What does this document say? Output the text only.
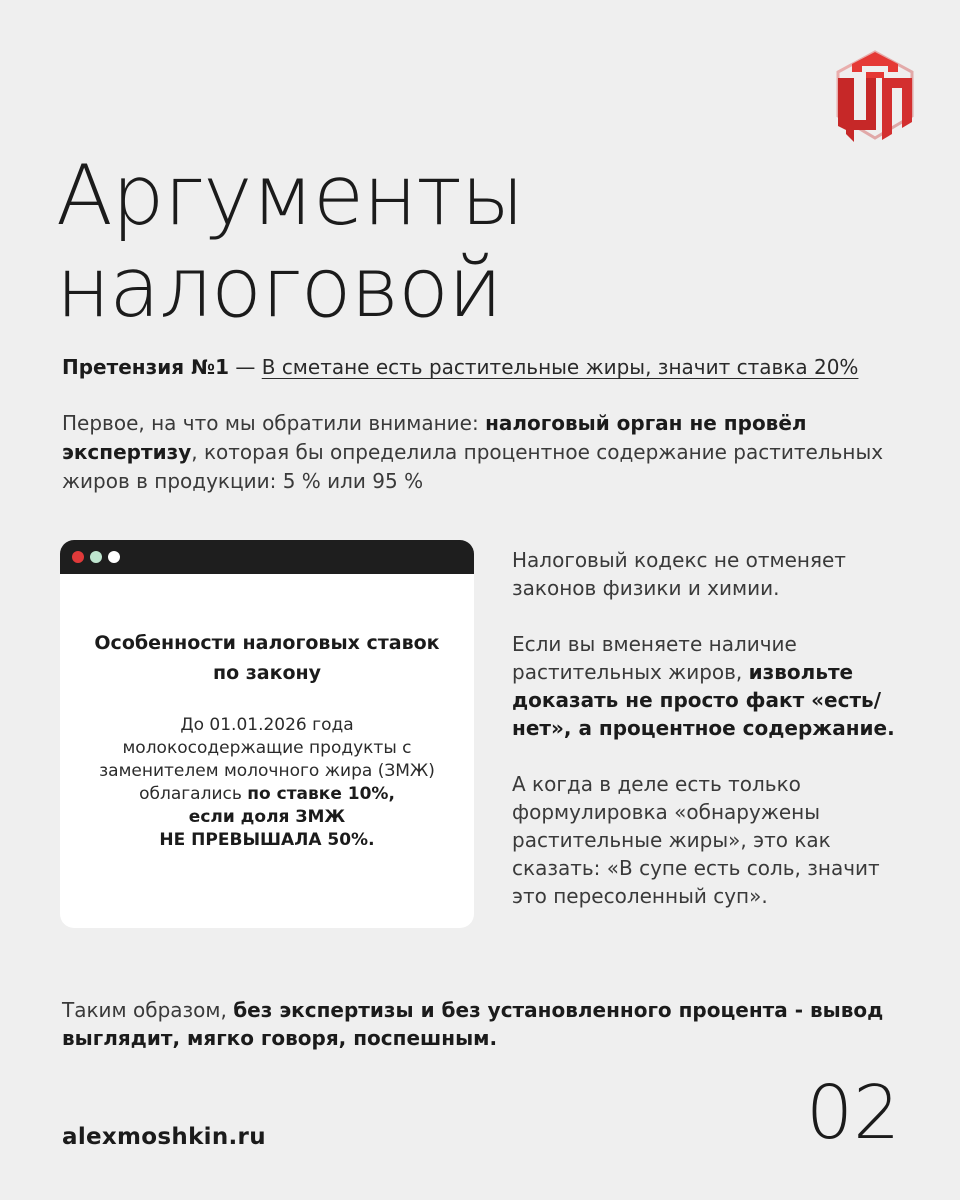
Аргументы
налоговой
Претензия №1 — В сметане есть растительные жиры, значит ставка 20%
Первое, на что мы обратили внимание: налоговый орган не провёл экспертизу, которая бы определила процентное содержание растительных жиров в продукции: 5 % или 95 %
Особенности налоговых ставок
по закону
До 01.01.2026 года
молокосодержащие продукты с
заменителем молочного жира (ЗМЖ)
облагались по ставке 10%,
если доля ЗМЖ
НЕ ПРЕВЫШАЛА 50%.

Налоговый кодекс не отменяет законов физики и химии.

Если вы вменяете наличие растительных жиров, извольте доказать не просто факт «есть/нет», а процентное содержание.

А когда в деле есть только формулировка «обнаружены растительные жиры», это как сказать: «В супе есть соль, значит это пересоленный суп».

Таким образом, без экспертизы и без установленного процента - вывод выглядит, мягко говоря, поспешным.
alexmoshkin.ru	02
